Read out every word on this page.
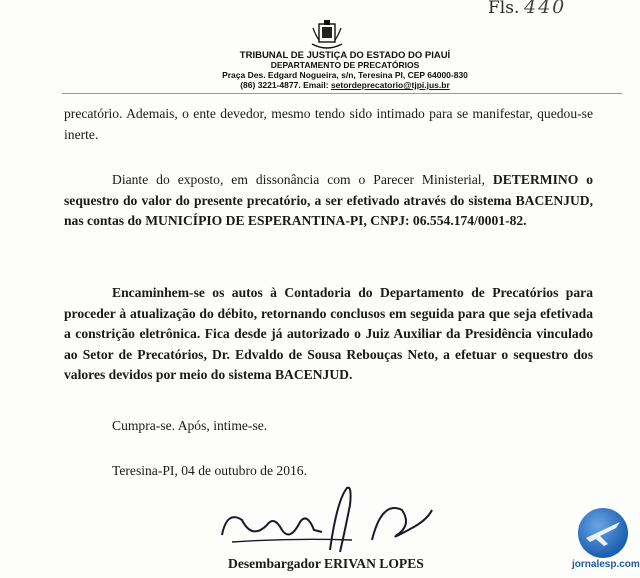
Fls. 440
TRIBUNAL DE JUSTIÇA DO ESTADO DO PIAUÍ
DEPARTAMENTO DE PRECATÓRIOS
Praça Des. Edgard Nogueira, s/n, Teresina PI, CEP 64000-830
(86) 3221-4877. Email: setordeprecatorio@tjpi.jus.br

precatório. Ademais, o ente devedor, mesmo tendo sido intimado para se manifestar, quedou-se inerte.

Diante do exposto, em dissonância com o Parecer Ministerial, DETERMINO o sequestro do valor do presente precatório, a ser efetivado através do sistema BACENJUD, nas contas do MUNICÍPIO DE ESPERANTINA-PI, CNPJ: 06.554.174/0001-82.

Encaminhem-se os autos à Contadoria do Departamento de Precatórios para proceder à atualização do débito, retornando conclusos em seguida para que seja efetivada a constrição eletrônica. Fica desde já autorizado o Juiz Auxiliar da Presidência vinculado ao Setor de Precatórios, Dr. Edvaldo de Sousa Rebouças Neto, a efetuar o sequestro dos valores devidos por meio do sistema BACENJUD.

Cumpra-se. Após, intime-se.

Teresina-PI, 04 de outubro de 2016.

Desembargador ERIVAN LOPES	jornalesp.com
